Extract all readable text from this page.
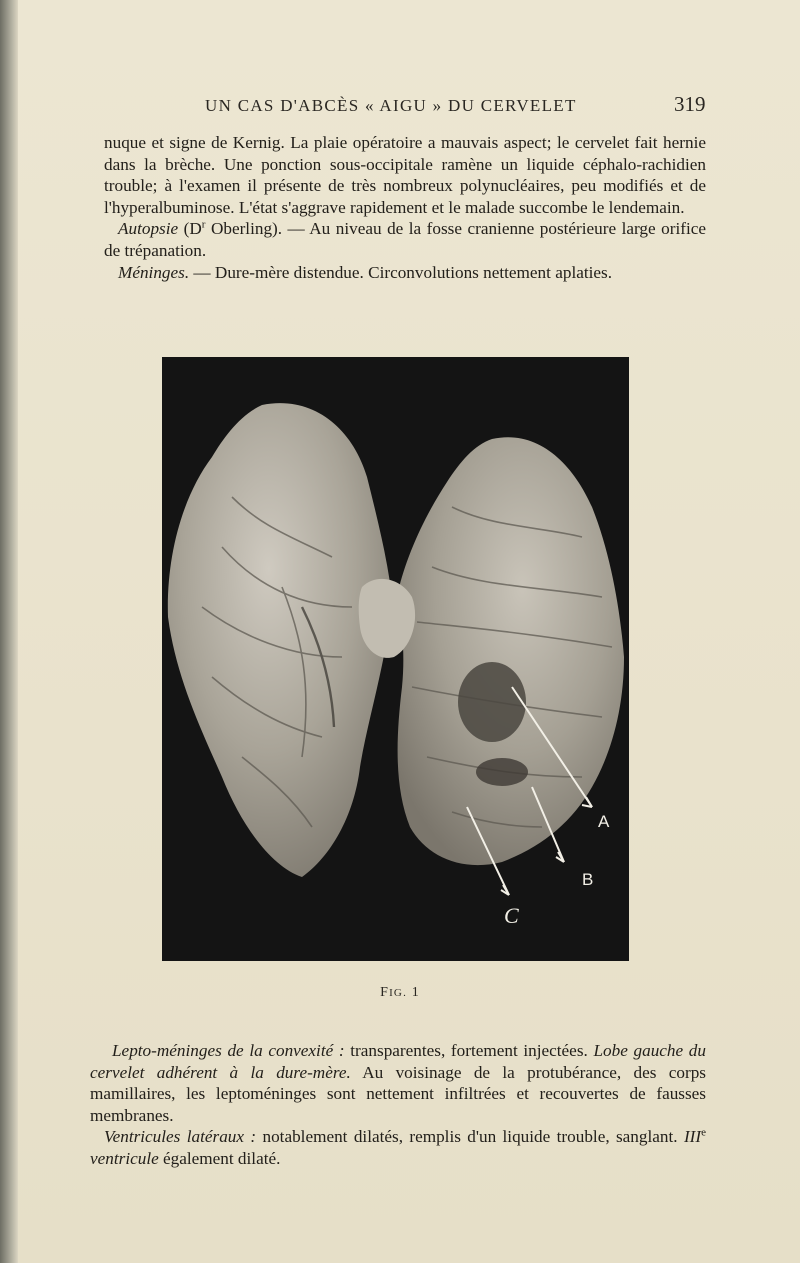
UN CAS D'ABCÈS « AIGU » DU CERVELET	319

nuque et signe de Kernig. La plaie opératoire a mauvais aspect; le cervelet fait hernie dans la brèche. Une ponction sous-occipitale ramène un liquide céphalo-rachidien trouble; à l'examen il présente de très nombreux polynucléaires, peu modifiés et de l'hyperalbuminose. L'état s'aggrave rapidement et le malade succombe le lendemain.

Autopsie ($D^r$ Oberling). — Au niveau de la fosse cranienne postérieure large orifice de trépanation.

Méninges. — Dure-mère distendue. Circonvolutions nettement aplaties.

A
B
C
FIG. 1

Lepto-méninges de la convexité : transparentes, fortement injectées. Lobe gauche du cervelet adhérent à la dure-mère. Au voisinage de la protubérance, des corps mamillaires, les leptoméninges sont nettement infiltrées et recouvertes de fausses membranes.

Ventricules latéraux : notablement dilatés, remplis d'un liquide trouble, sanglant. IIIe ventricule également dilaté.
